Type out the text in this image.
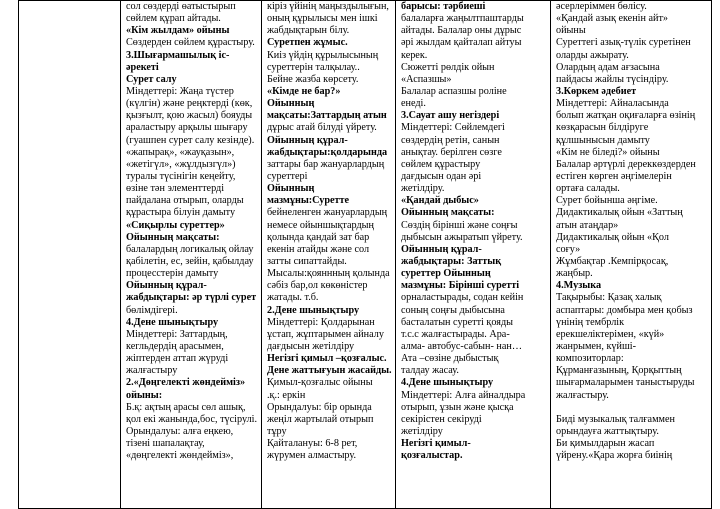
сол сөздерді өатыстырып
сөйлем құрап айтады.
«Кім жылдам» ойыны
Сөздерден сөйлем құрастыру.
3.Шығармашылық іс-
әрекеті
Сурет салу
Міндеттері: Жаңа түстер
(күлгін) және реңктерді (көк,
қызғылт, қою жасыл) бояуды
араластыру арқылы шығару
(гуашпен сурет салу кезінде).
«жапырақ», «жауқазын»,
«жетігүл», «жұлдызгүл»)
туралы түсінігін кеңейту,
өзіне тән элементтерді
пайдалана отырып, оларды
құрастыра білуін дамыту
«Сиқырлы суреттер»
Ойынның мақсаты:
балалардың логикалық ойлау
қабілетін, ес, зейін, қабылдау
процесстерін дамыту
Ойынның құрал-
жабдықтары: әр түрлі сурет
бөлімдігері.
4.Дене шынықтыру
Міндеттері: Заттардың,
кегльдердің арасымен,
жіптерден аттап жүруді
жалғастыру
2.«Дөңгелекті жөндейміз»
ойыны:
Б.қ: ақтың арасы сөл ашық,
қол екі жанында,бос, түсірулі.
Орындалуы: алға еңкею,
тізені шапалақтау,
«дөңгелекті жөндейміз»,

кіріз үйінің маңыздылығын,
оның құрылысы мен ішкі
жабдықтарын білу.
Суретпен жұмыс.
Киіз үйдің құрылысының
суреттерін талқылау..
Бейне жазба көрсету.
«Кімде не бар?»
Ойынның
мақсаты:Заттардың атын
дұрыс атай білуді үйрету.
Ойынның құрал-
жабдықтары:қолдарында
заттары бар жануарлардың
суреттері
Ойынның
мазмұны:Суретте
бейнеленген жануарлардың
немесе ойыншықтардың
қолында қандай зат бар
екенін атайды және сол
затты сипаттайды.
Мысалы:қояннның қолында
сәбіз бар,ол көкөністер
жатады. т.б.
2.Дене шынықтыру
Міндеттері: Қолдарынан
ұстап, жұптарымен айналу
дағдысын жетілдіру
Негізгі қимыл –қозғалыс.
Дене жаттығуын жасайды.
Қимыл-қозғалыс ойыны
.қ.: еркін
Орындалуы: бір орында
жеңіл жартылай отырып
тұру
Қайталануы: 6-8 рет,
жүрумен алмастыру.

барысы: тәрбиеші
балаларға жаңылтпаштарды
айтады. Балалар оны дұрыс
әрі жылдам қайталап айтуы
керек.
Сюжетті рөлдік ойын
«Аспазшы»
Балалар аспазшы роліне
енеді.
3.Сауат ашу негіздері
Міндеттері: Сөйлемдегі
сөздердің ретін, санын
анықтау. берілген сөзге
сөйлем құрастыру
дағдысын одан әрі
жетілдіру.
«Қандай дыбыс»
Ойынның мақсаты:
Сөздің бірінші және соңғы
дыбысын ажыратып үйрету.
Ойынның құрал-
жабдықтары: Заттық
суреттер Ойынның
мазмұны: Бірінші суретті
орналастырады, содан кейін
соның соңғы дыбысына
басталатын суретті қояды
т.с.с жалғастырады. Ара-
алма- автобус-сабын- нан…
Ата –сөзіне дыбыстық
талдау жасау.
4.Дене шынықтыру
Міндеттері: Алға айналдыра
отырып, ұзын жәнe қысқа
секірістен секіруді
жетілдіру
Негізгі қимыл-
қозғалыстар.

әсерлеріммен бөлісу.
«Қандай азық екенін айт»
ойыны
Суреттегі азық-түлік суретінен
оларды ажырату.
Олардың адам ағзасына
пайдасы жайлы түсіндіру.
3.Көркем әдебиет
Міндеттері: Айналасында
болып жатқан оқиғаларға өзінің
көзқарасын білдіруге
құлшынысын дамыту
«Кім не біледі?» ойыны
Балалар әртүрлі дереккөздерден
естіген көрген әңгімелерін
ортаға салады.
Сурет бойынша әңгіме.
Дидактикалық ойын «Заттың
атын атаңдар»
Дидактикалық ойын «Қол
соғу»
Жұмбақтар .Кемпірқосақ,
жаңбыр.
4.Музыка
Тақырыбы: Қазақ халық
аспаптары: домбыра мен қобыз
үнінің тембрлік
ерекшеліктерімен, «күй»
жанрымен, күйші-
композиторлар:
Құрманғазының, Қорқыттың
шығармаларымен таныстыруды
жалғастыру.
Биді музыкалық талғаммен
орындауға жаттықтыру.
Би қимылдарын жасап
үйрену.«Қара жорға биінің
